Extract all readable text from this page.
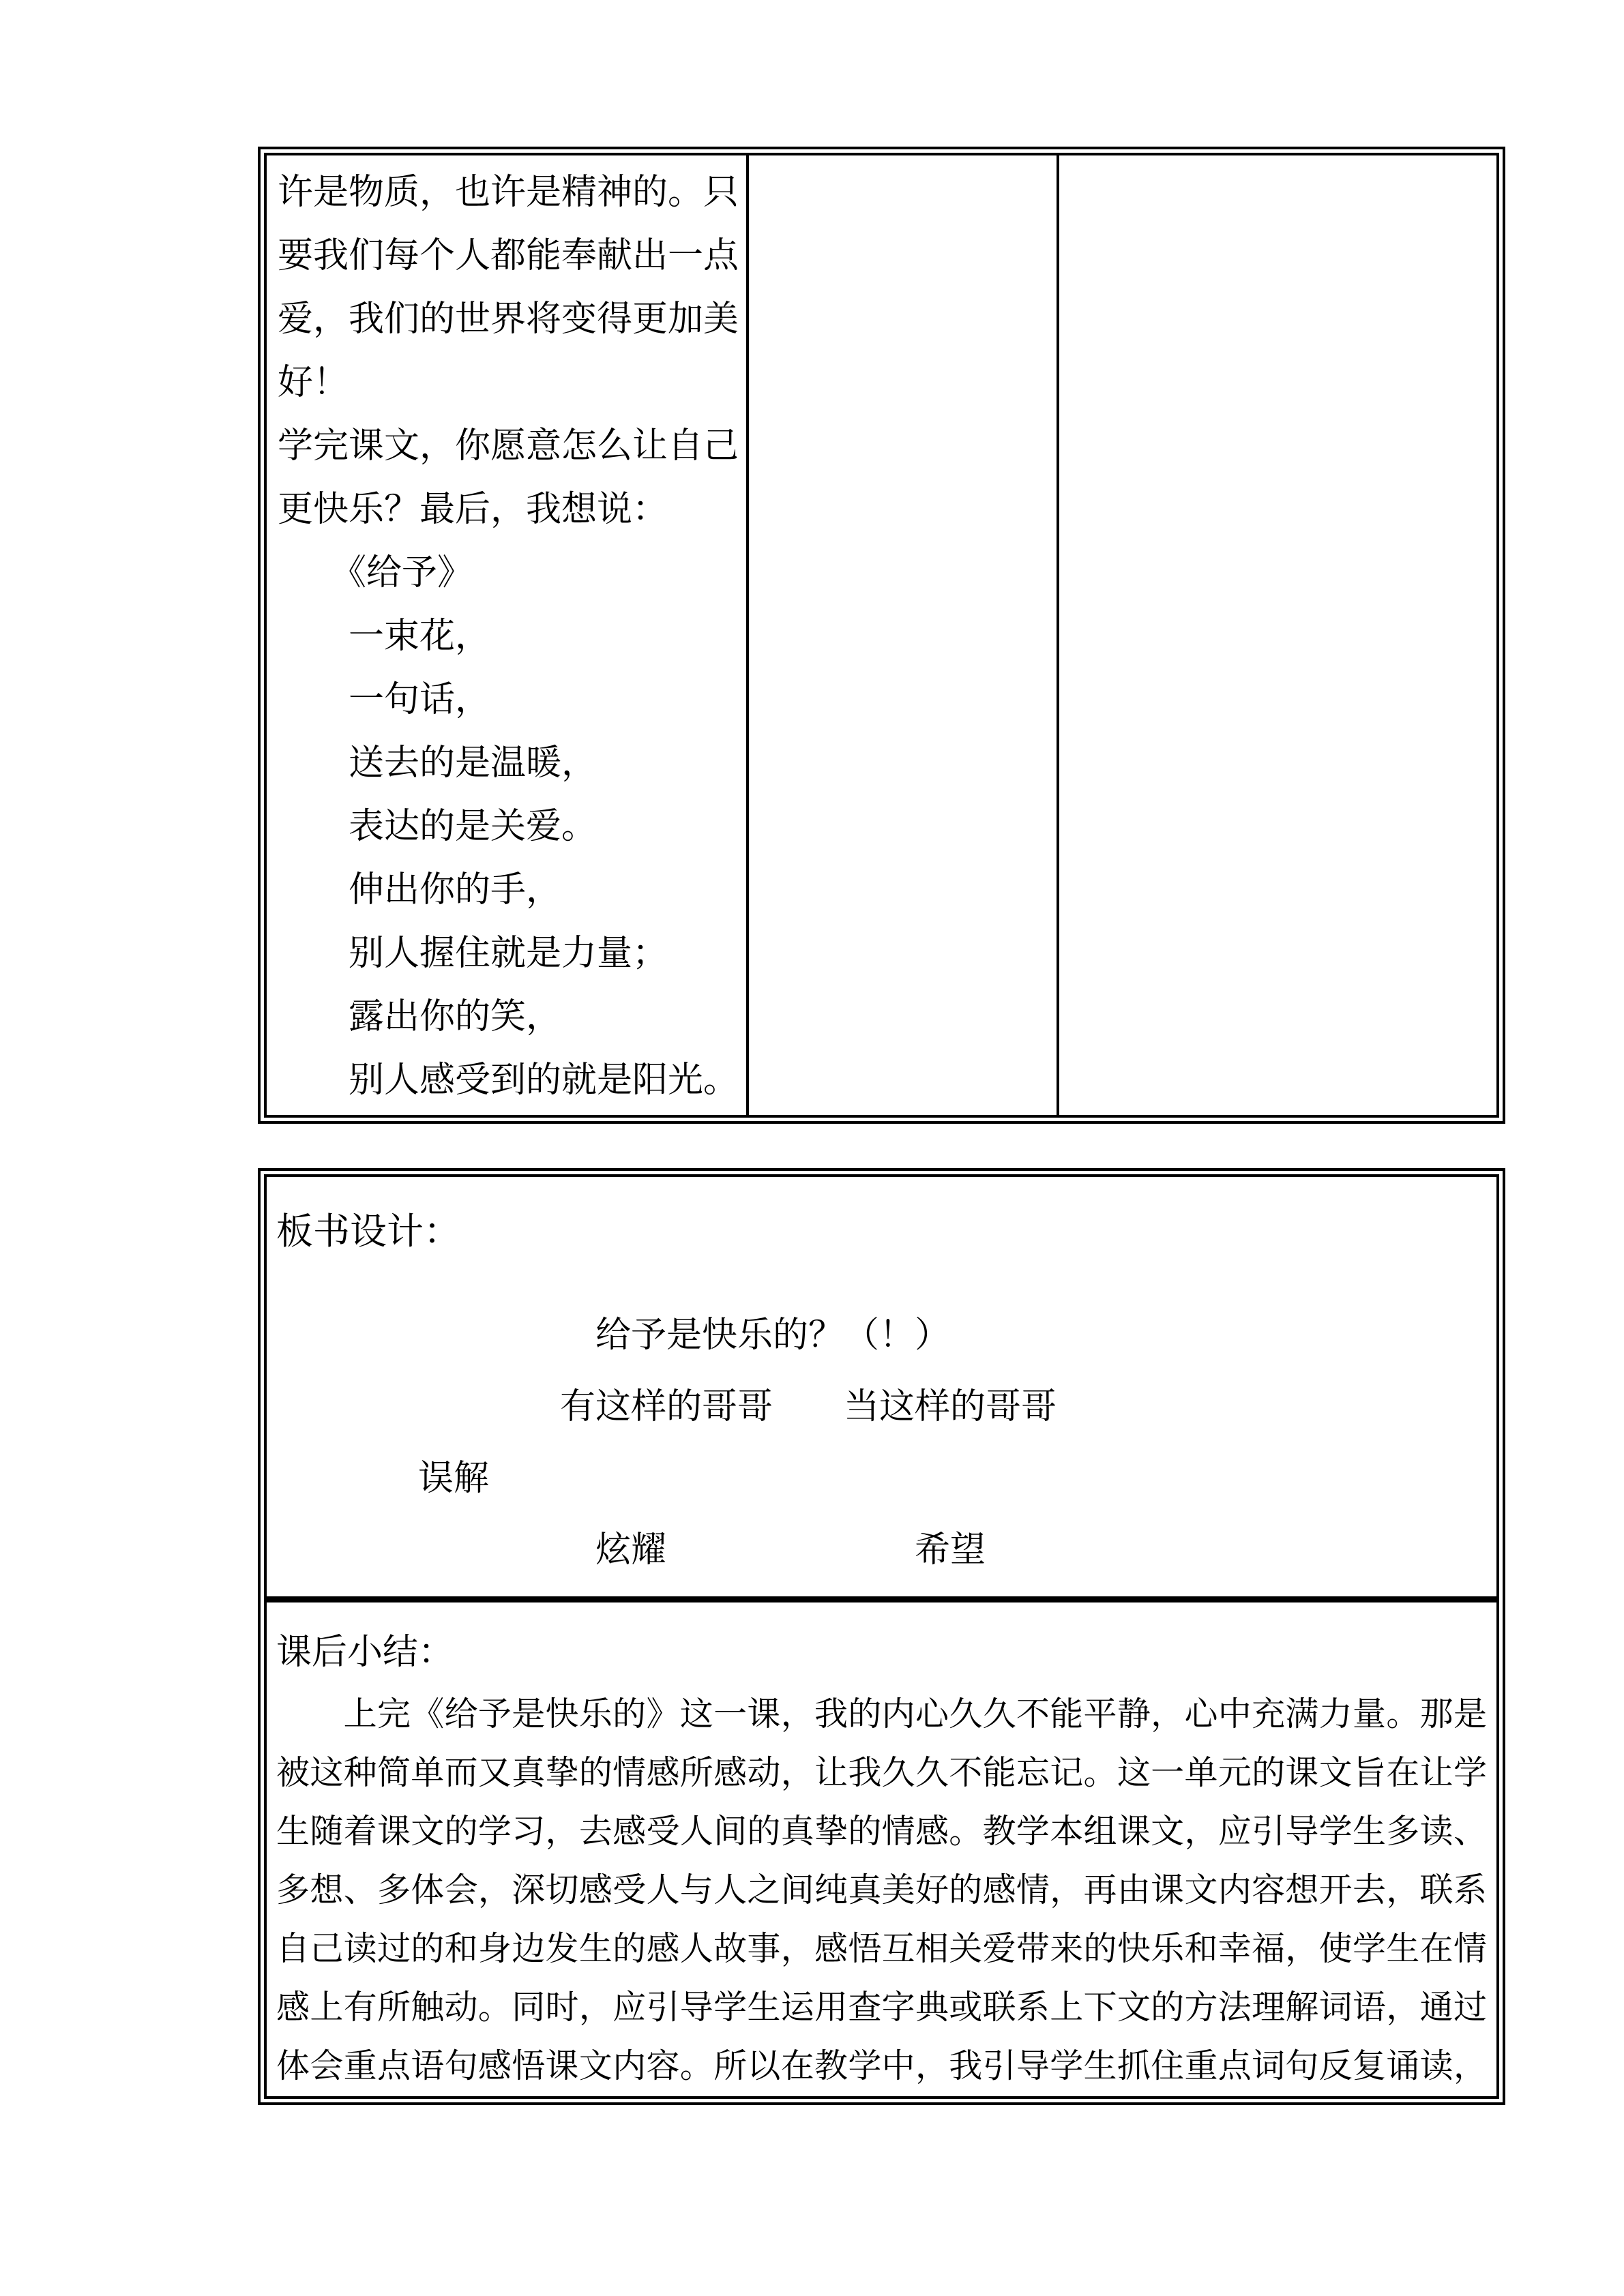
许是物质，也许是精神的。只
要我们每个人都能奉献出一点
爱，我们的世界将变得更加美
好！
学完课文，你愿意怎么让自己
更快乐？最后，我想说：
　　《给予》
　　一束花，
　　一句话，
　　送去的是温暖，
　　表达的是关爱。
　　伸出你的手，
　　别人握住就是力量；
　　露出你的笑，
　　别人感受到的就是阳光。
板书设计：
　　　　　　　　　给予是快乐的？（！）
　　　　　　　　有这样的哥哥　　当这样的哥哥
　　　　误解
　　　　　　　　　炫耀　　　　　　　希望
课后小结：
　　上完《给予是快乐的》这一课，我的内心久久不能平静，心中充满力量。那是
被这种简单而又真挚的情感所感动，让我久久不能忘记。这一单元的课文旨在让学
生随着课文的学习，去感受人间的真挚的情感。教学本组课文，应引导学生多读、
多想、多体会，深切感受人与人之间纯真美好的感情，再由课文内容想开去，联系
自己读过的和身边发生的感人故事，感悟互相关爱带来的快乐和幸福，使学生在情
感上有所触动。同时，应引导学生运用查字典或联系上下文的方法理解词语，通过
体会重点语句感悟课文内容。所以在教学中，我引导学生抓住重点词句反复诵读，
